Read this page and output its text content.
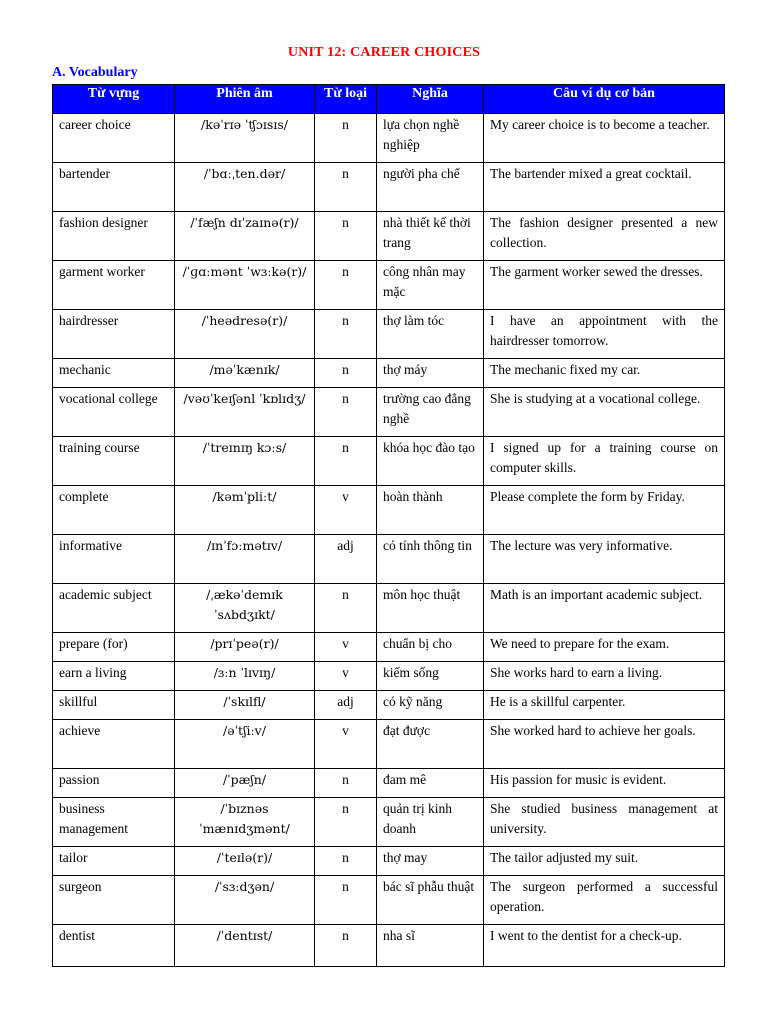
UNIT 12: CAREER CHOICES
A. Vocabulary
Từ vựng	Phiên âm	Từ loại	Nghĩa	Câu ví dụ cơ bản
career choice	/kəˈrɪə ˈʧɔɪsɪs/	n	lựa chọn nghề nghiệp	My career choice is to become a teacher.
bartender	/ˈbɑːˌten.dər/	n	người pha chế	The bartender mixed a great cocktail.
fashion designer	/ˈfæʃn dɪˈzaɪnə(r)/	n	nhà thiết kế thời trang	The fashion designer presented a new collection.
garment worker	/ˈɡɑːmənt ˈwɜːkə(r)/	n	công nhân may mặc	The garment worker sewed the dresses.
hairdresser	/ˈheədresə(r)/	n	thợ làm tóc	I have an appointment with the hairdresser tomorrow.
mechanic	/məˈkænɪk/	n	thợ máy	The mechanic fixed my car.
vocational college	/vəʊˈkeɪʃənl ˈkɒlɪdʒ/	n	trường cao đẳng nghề	She is studying at a vocational college.
training course	/ˈtreɪnɪŋ kɔːs/	n	khóa học đào tạo	I signed up for a training course on computer skills.
complete	/kəmˈpliːt/	v	hoàn thành	Please complete the form by Friday.
informative	/ɪnˈfɔːmətɪv/	adj	có tính thông tin	The lecture was very informative.
academic subject	/ˌækəˈdemɪk ˈsʌbdʒɪkt/	n	môn học thuật	Math is an important academic subject.
prepare (for)	/prɪˈpeə(r)/	v	chuẩn bị cho	We need to prepare for the exam.
earn a living	/ɜːn ˈlɪvɪŋ/	v	kiếm sống	She works hard to earn a living.
skillful	/ˈskɪlfl/	adj	có kỹ năng	He is a skillful carpenter.
achieve	/əˈtʃiːv/	v	đạt được	She worked hard to achieve her goals.
passion	/ˈpæʃn/	n	đam mê	His passion for music is evident.
business management	/ˈbɪznəs ˈmænɪdʒmənt/	n	quản trị kinh doanh	She studied business management at university.
tailor	/ˈteɪlə(r)/	n	thợ may	The tailor adjusted my suit.
surgeon	/ˈsɜːdʒən/	n	bác sĩ phẫu thuật	The surgeon performed a successful operation.
dentist	/ˈdentɪst/	n	nha sĩ	I went to the dentist for a check-up.
